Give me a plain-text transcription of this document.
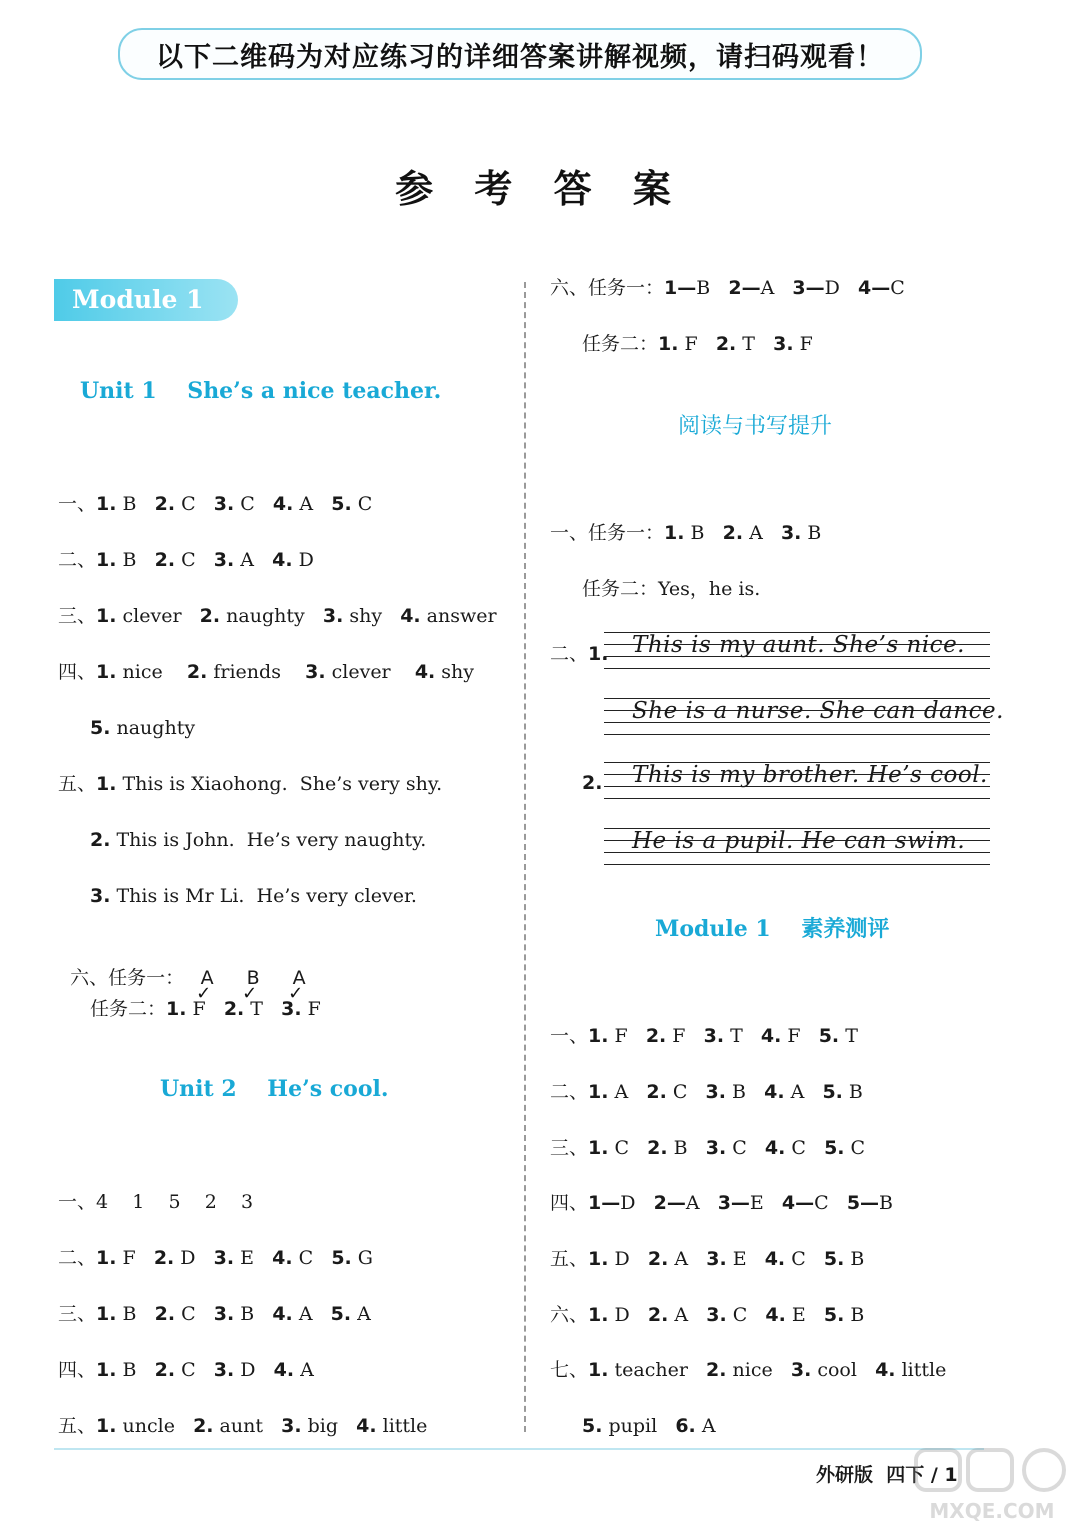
以下二维码为对应练习的详细答案讲解视频，请扫码观看！
参 考 答 案
Module 1
Unit 1    She’s a nice teacher.
一、1. B   2. C   3. C   4. A   5. C
二、1. B   2. C   3. A   4. D
三、1. clever   2. naughty   3. shy   4. answer
四、1. nice    2. friends    3. clever    4. shy
5. naughty
五、1. This is Xiaohong.  She’s very shy.
2. This is John.  He’s very naughty.
3. This is Mr Li.  He’s very clever.

六、任务一： A
✓
B
✓
A
✓

任务二：1. F   2. T   3. F
Unit 2    He’s cool.
一、4    1    5    2    3
二、1. F   2. D   3. E   4. C   5. G
三、1. B   2. C   3. B   4. A   5. A
四、1. B   2. C   3. D   4. A
五、1. uncle   2. aunt   3. big   4. little
六、任务一：1—B   2—A   3—D   4—C
任务二：1. F   2. T   3. F
阅读与书写提升
一、任务一：1. B   2. A   3. B
任务二：Yes，he is.
二、1. This is my aunt. She’s nice.
She is a nurse. She can dance.
2. This is my brother. He’s cool.
He is a pupil. He can swim.
Module 1    素养测评
一、1. F   2. F   3. T   4. F   5. T
二、1. A   2. C   3. B   4. A   5. B
三、1. C   2. B   3. C   4. C   5. C
四、1—D   2—A   3—E   4—C   5—B
五、1. D   2. A   3. E   4. C   5. B
六、1. D   2. A   3. C   4. E   5. B
七、1. teacher   2. nice   3. cool   4. little
5. pupil   6. A
外研版  四下 / 1
MXQE.COM
